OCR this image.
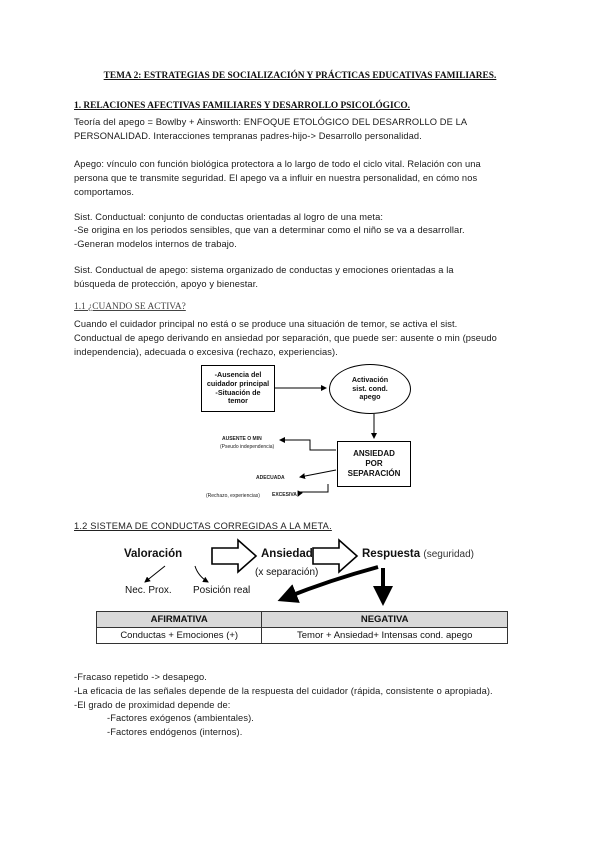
TEMA 2: ESTRATEGIAS DE SOCIALIZACIÓN Y PRÁCTICAS EDUCATIVAS FAMILIARES.
1. RELACIONES AFECTIVAS FAMILIARES Y DESARROLLO PSICOLÓGICO.
Teoría del apego = Bowlby + Ainsworth: ENFOQUE ETOLÓGICO DEL DESARROLLO DE LA
PERSONALIDAD. Interacciones tempranas padres-hijo-> Desarrollo personalidad.
Apego: vínculo con función biológica protectora a lo largo de todo el ciclo vital. Relación con una
persona que te transmite seguridad. El apego va a influir en nuestra personalidad, en cómo nos
comportamos.
Sist. Conductual: conjunto de conductas orientadas al logro de una meta:
-Se origina en los periodos sensibles, que van a determinar como el niño se va a desarrollar.
-Generan modelos internos de trabajo.
Sist. Conductual de apego: sistema organizado de conductas y emociones orientadas a la
búsqueda de protección, apoyo y bienestar.
1.1 ¿CUANDO SE ACTIVA?
Cuando el cuidador principal no está o se produce una situación de temor, se activa el sist.
Conductual de apego derivando en ansiedad por separación, que puede ser: ausente o min (pseudo
independencia), adecuada o excesiva (rechazo, experiencias).
-Ausencia del
cuidador principal
-Situación de
temor
Activación
sist. cond.
apego
ANSIEDAD
POR
SEPARACIÓN
AUSENTE O MIN
(Pseudo independencia)
ADECUADA
(Rechazo, experiencias) EXCESIVA
1.2 SISTEMA DE CONDUCTAS CORREGIDAS A LA META.
Valoración	Ansiedad
(x separación)
Respuesta (seguridad)
Nec. Prox. Posición real
AFIRMATIVA	NEGATIVA
Conductas + Emociones (+)	Temor + Ansiedad+ Intensas cond. apego
-Fracaso repetido -> desapego.
-La eficacia de las señales depende de la respuesta del cuidador (rápida, consistente o apropiada).
-El grado de proximidad depende de:
-Factores exógenos (ambientales).
-Factores endógenos (internos).
